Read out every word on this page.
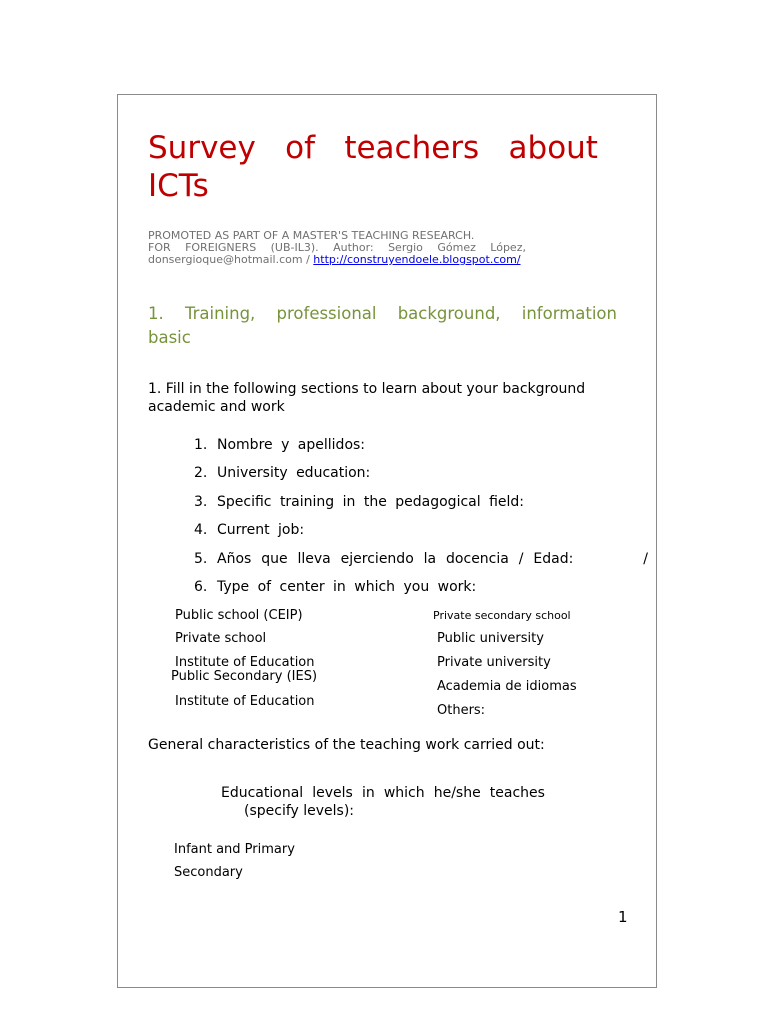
Survey of teachers about
ICTs
PROMOTED AS PART OF A MASTER'S TEACHING RESEARCH.
FOR FOREIGNERS (UB-IL3). Author: Sergio Gómez López,
donsergioque@hotmail.com / http://construyendoele.blogspot.com/
1. Training, professional background, information
basic
1. Fill in the following sections to learn about your background
academic and work
1. Nombre y apellidos:
2. University education:
3. Specific training in the pedagogical field:
4. Current job:
5. Años que lleva ejerciendo la docencia / Edad:	/
6. Type of center in which you work:
Public school (CEIP)
Private school
Institute of Education
Public Secondary (IES)
Institute of Education
Private secondary school
Public university
Private university
Academia de idiomas
Others:
General characteristics of the teaching work carried out:
Educational levels in which he/she teaches
(specify levels):
Infant and Primary
Secondary
1
